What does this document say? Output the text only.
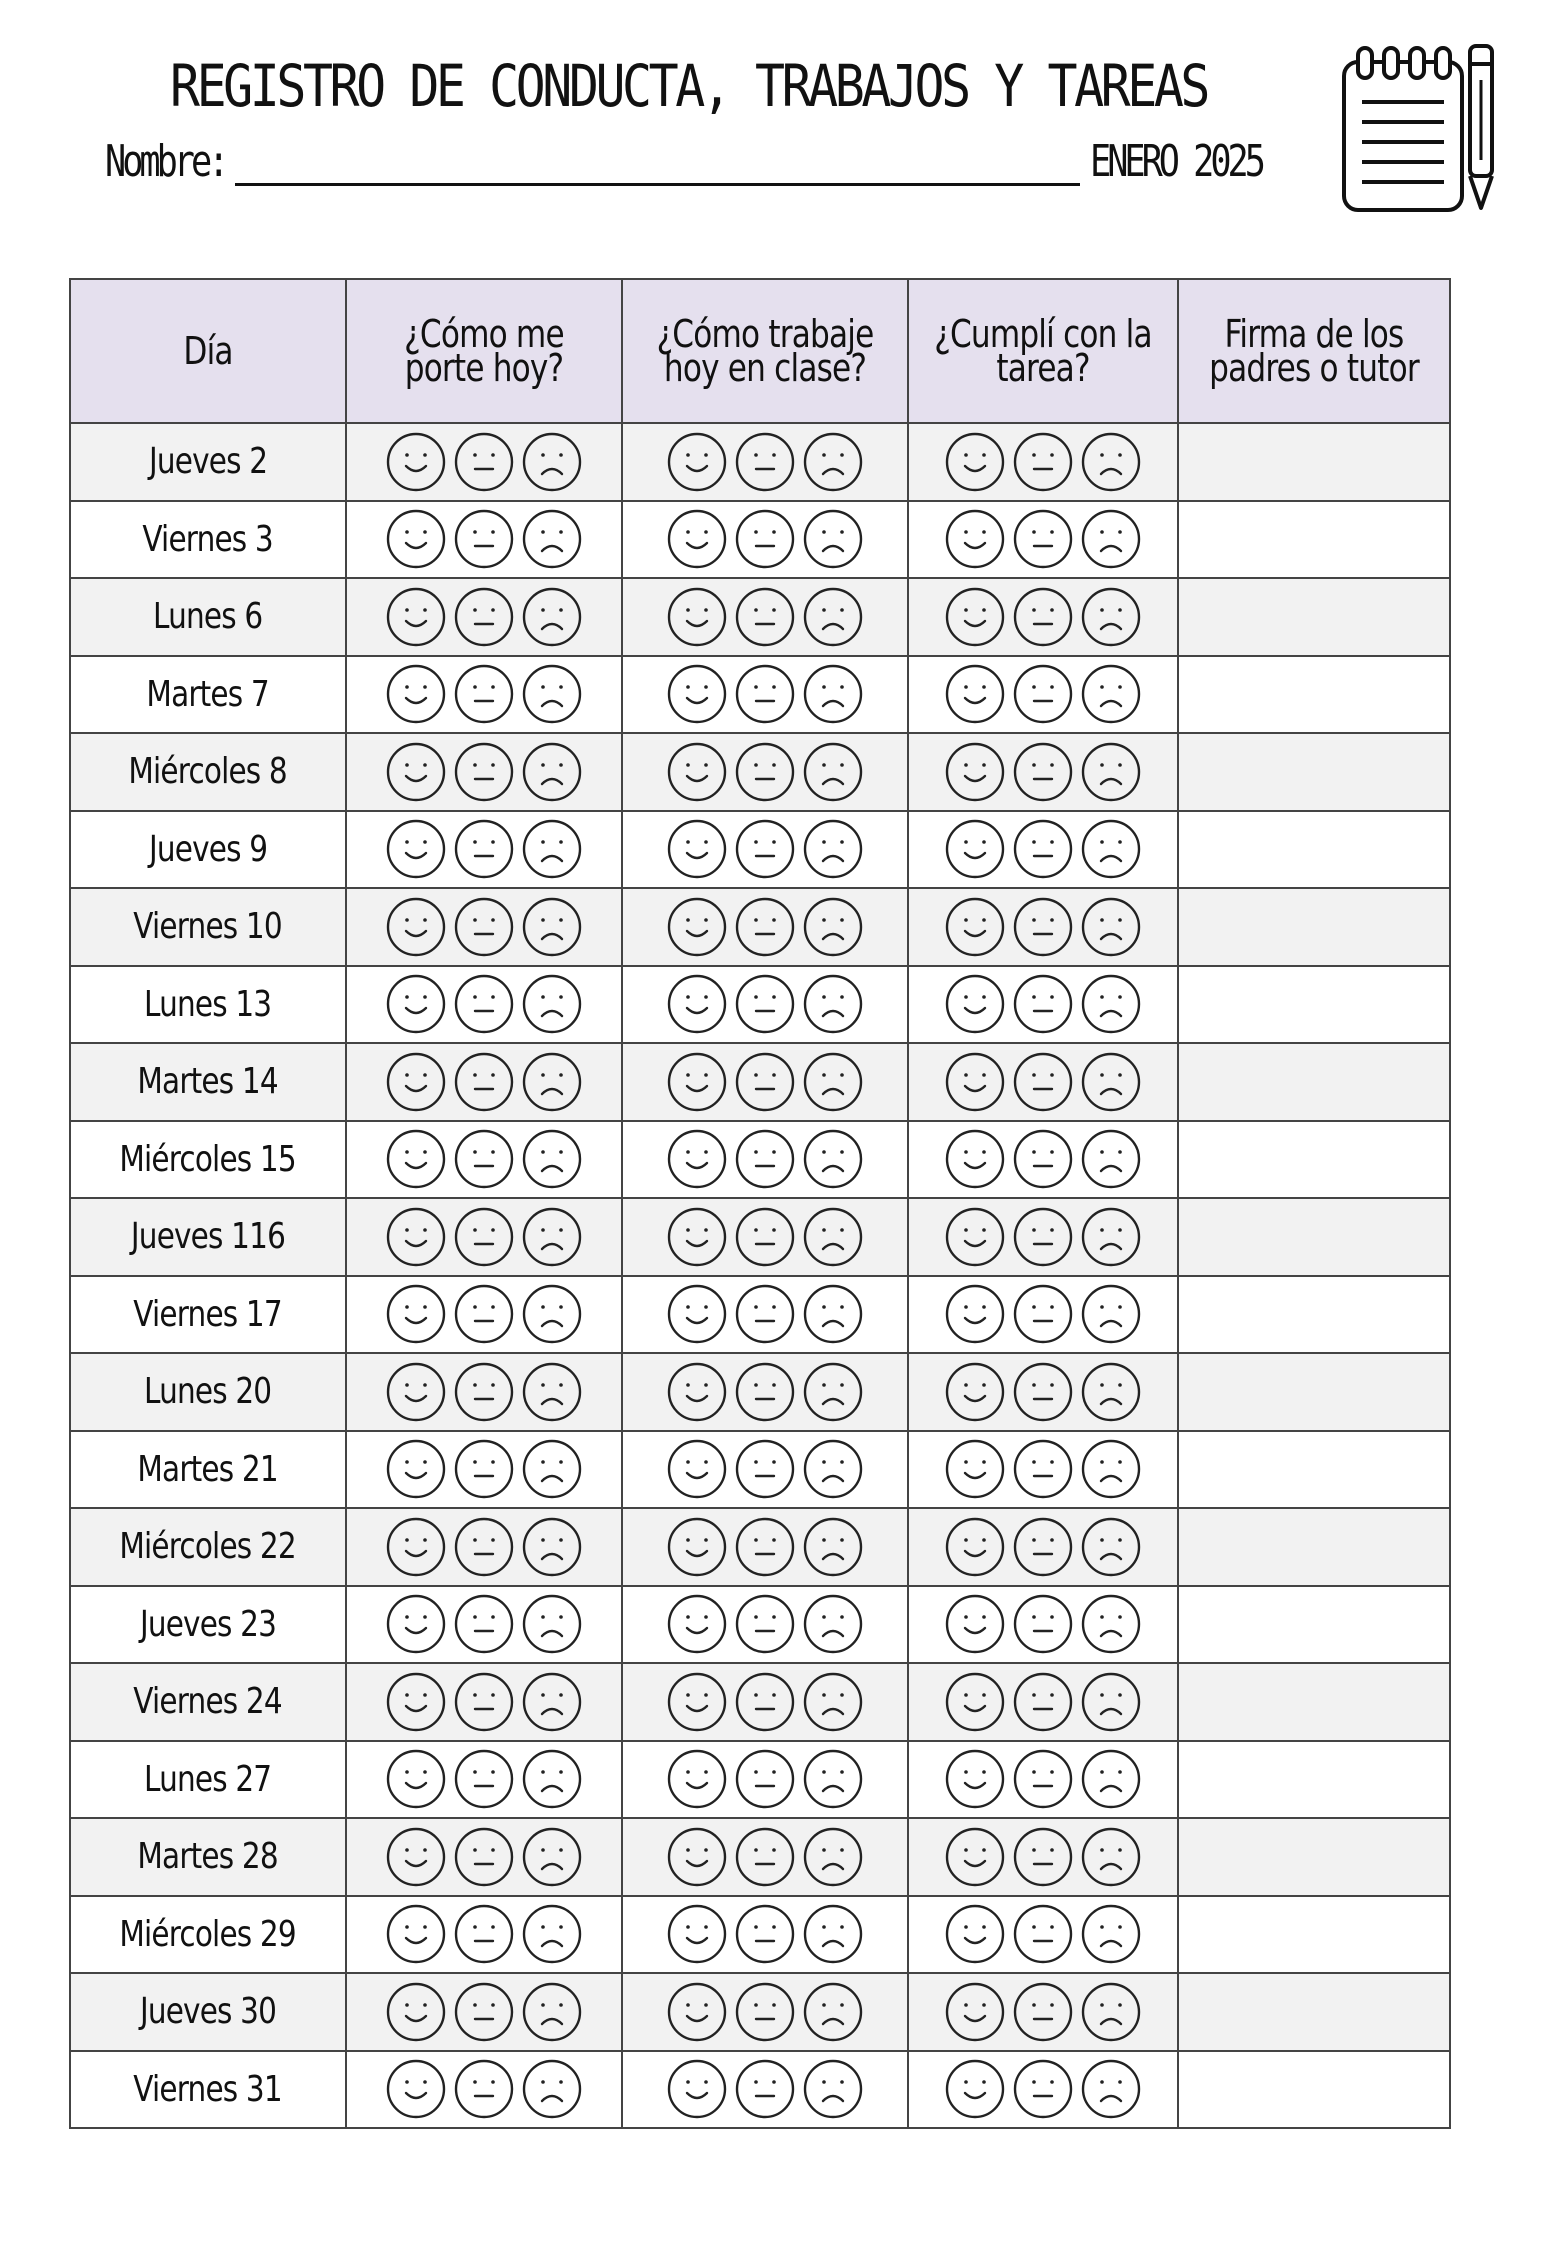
REGISTRO DE CONDUCTA, TRABAJOS Y TAREAS
Nombre:	ENERO 2025
Día	¿Cómo me porte hoy?	¿Cómo trabaje hoy en clase?	¿Cumplí con la tarea?	Firma de los padres o tutor
Jueves 2	

Viernes 3	

Lunes 6	

Martes 7	

Miércoles 8	

Jueves 9	

Viernes 10	

Lunes 13	

Martes 14	

Miércoles 15	

Jueves 116	

Viernes 17	

Lunes 20	

Martes 21	

Miércoles 22	

Jueves 23	

Viernes 24	

Lunes 27	

Martes 28	

Miércoles 29	

Jueves 30	

Viernes 31	
